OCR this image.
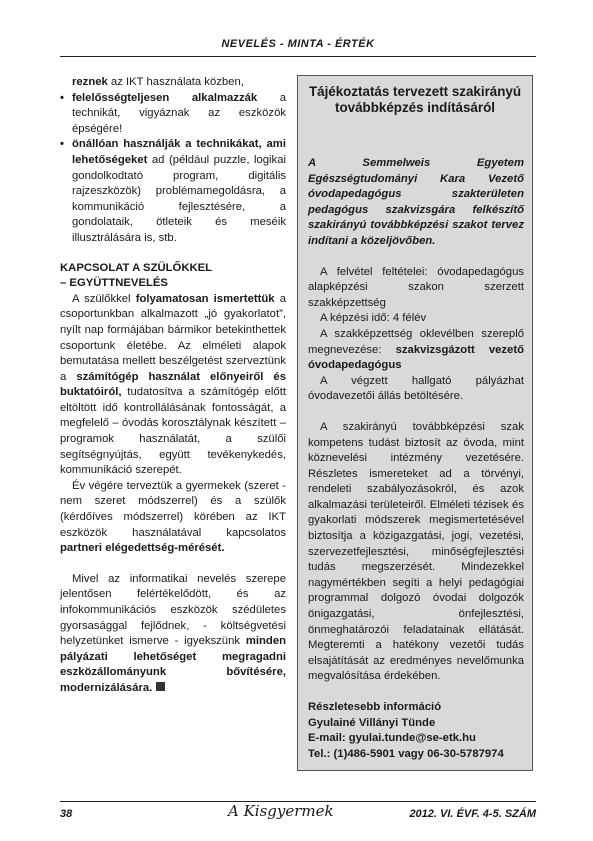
NEVELÉS - MINTA - ÉRTÉK

reznek az IKT használata közben,

• felelősségteljesen alkalmazzák a technikát, vigyáznak az eszközök épségére!

• önállóan használják a technikákat, ami lehetőségeket ad (például puzzle, logikai gondolkodtató program, digitális rajzeszközök) problémamegoldásra, a kommunikáció fejlesztésére, a gondolataik, ötleteik és meséik illusztrálására is, stb.

KAPCSOLAT A SZÜLŐKKEL
– EGYÜTTNEVELÉS

A szülőkkel folyamatosan ismertettük a csoportunkban alkalmazott „jó gyakorlatot”, nyílt nap formájában bármikor betekinthettek csoportunk életébe. Az elméleti alapok bemutatása mellett beszélgetést szerveztünk a számítógép használat előnyeiről és buktatóiról, tudatosítva a számítógép előtt eltöltött idő kontrollálásának fontosságát, a megfelelő – óvodás korosztálynak készített – programok használatát, a szülői segítségnyújtás, együtt tevékenykedés, kommunikáció szerepét.

Év végére terveztük a gyermekek (szeret - nem szeret módszerrel) és a szülők (kérdőíves módszerrel) körében az IKT eszközök használatával kapcsolatos partneri elégedettség-mérését.

Mivel az informatikai nevelés szerepe jelentősen felértékelődött, és az infokommunikációs eszközök szédületes gyorsasággal fejlődnek, - költségvetési helyzetünket ismerve - igyekszünk minden pályázati lehetőséget megragadni eszközállományunk bővítésére, modernizálására.

Tájékoztatás tervezett szakirányú továbbképzés indításáról

A Semmelweis Egyetem Egészségtudományi Kara Vezető óvodapedagógus szakterületen pedagógus szakvizsgára felkészítő szakirányú továbbképzési szakot tervez indítani a közeljövőben.

A felvétel feltételei: óvodapedagógus alapképzési szakon szerzett szakképzettség

A képzési idő: 4 félév

A szakképzettség oklevélben szereplő megnevezése: szakvizsgázott vezető óvodapedagógus

A végzett hallgató pályázhat óvodavezetői állás betöltésére.

A szakirányú továbbképzési szak kompetens tudást biztosít az óvoda, mint köznevelési intézmény vezetésére. Részletes ismereteket ad a törvényi, rendeleti szabályozásokról, és azok alkalmazási területeiről. Elméleti tézisek és gyakorlati módszerek megismertetésével biztosítja a közigazgatási, jogi, vezetési, szervezetfejlesztési, minőségfejlesztési tudás megszerzését. Mindezekkel nagymértékben segíti a helyi pedagógiai programmal dolgozó óvodai dolgozók önigazgatási, önfejlesztési, önmeghatározói feladatainak ellátását. Megteremti a hatékony vezetői tudás elsajátítását az eredményes nevelőmunka megvalósítása érdekében.

Részletesebb információ
Gyulainé Villányi Tünde
E-mail: gyulai.tunde@se-etk.hu
Tel.: (1)486-5901 vagy 06-30-5787974

38	A Kisgyermek	2012. VI. ÉVF. 4-5. SZÁM
